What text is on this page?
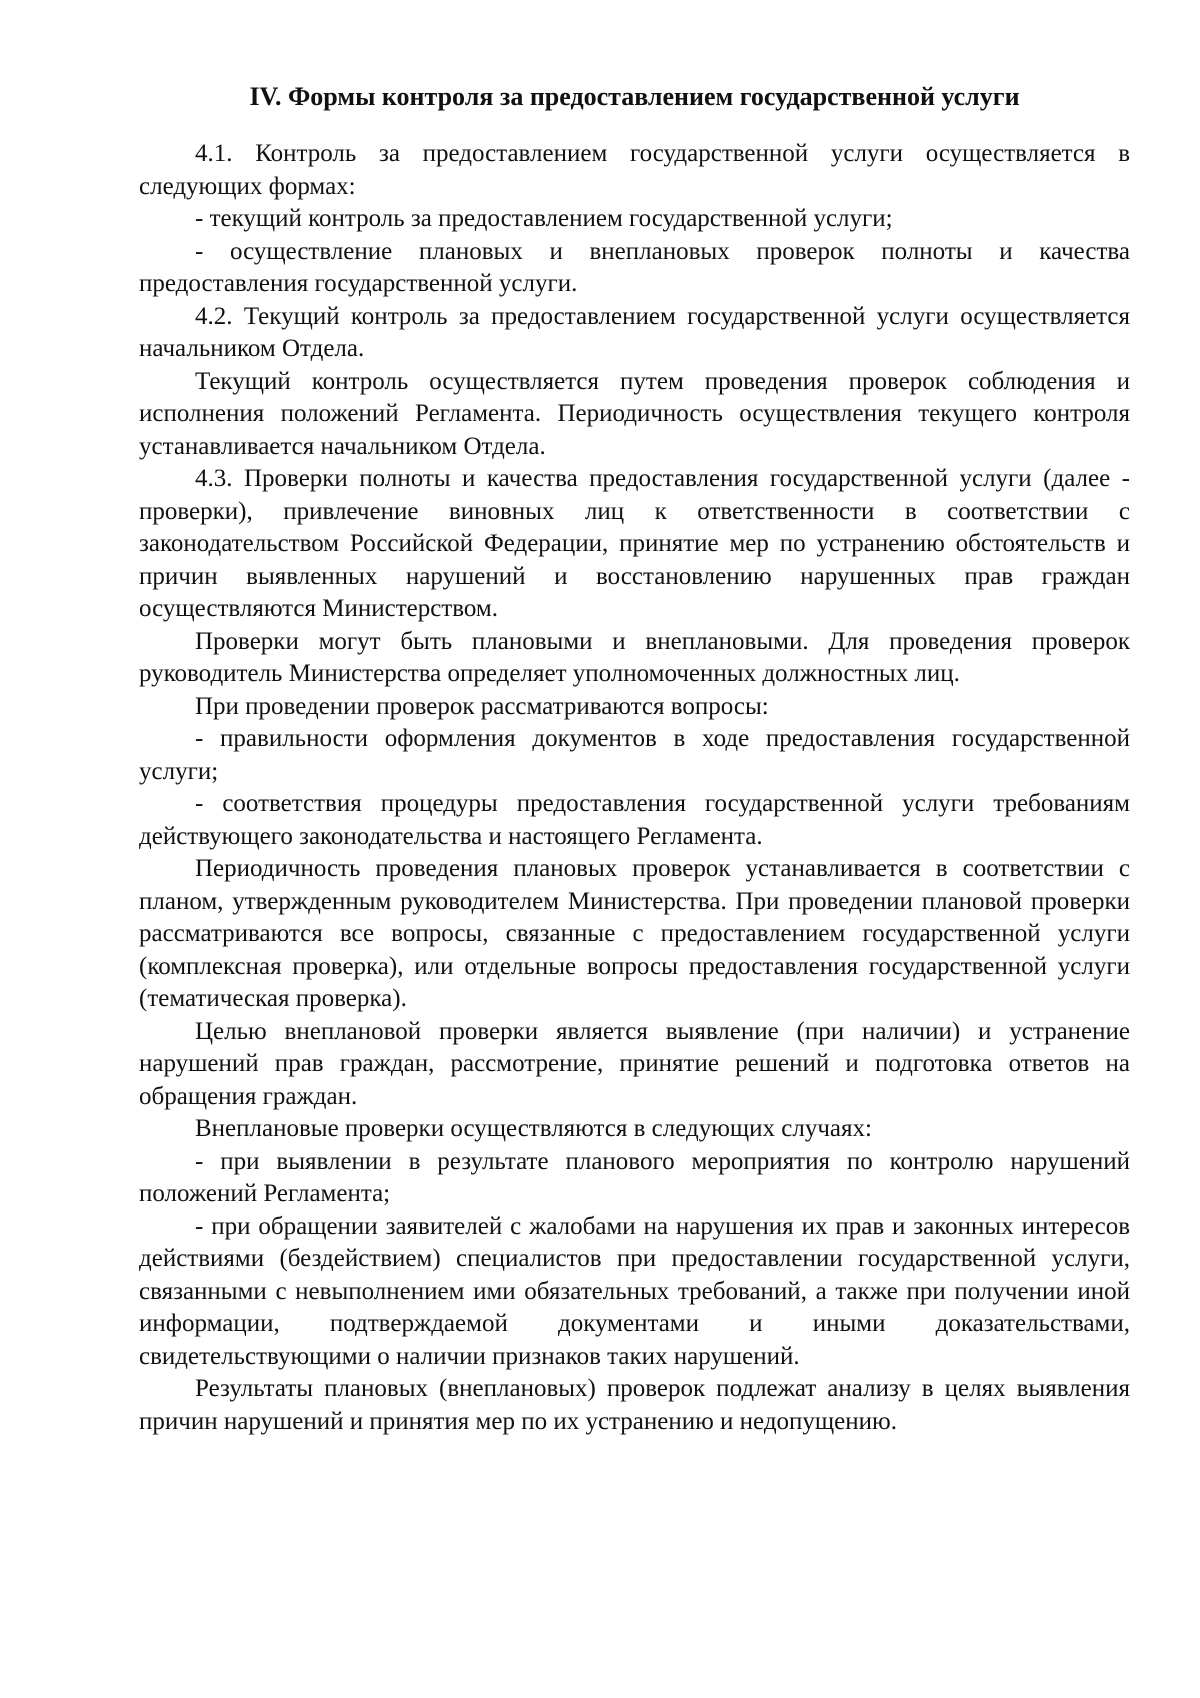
IV. Формы контроля за предоставлением государственной услуги

4.1. Контроль за предоставлением государственной услуги осуществляется в следующих формах:

- текущий контроль за предоставлением государственной услуги;

- осуществление плановых и внеплановых проверок полноты и качества предоставления государственной услуги.

4.2. Текущий контроль за предоставлением государственной услуги осуществляется начальником Отдела.

Текущий контроль осуществляется путем проведения проверок соблюдения и исполнения положений Регламента. Периодичность осуществления текущего контроля устанавливается начальником Отдела.

4.3. Проверки полноты и качества предоставления государственной услуги (далее - проверки), привлечение виновных лиц к ответственности в соответствии с законодательством Российской Федерации, принятие мер по устранению обстоятельств и причин выявленных нарушений и восстановлению нарушенных прав граждан осуществляются Министерством.

Проверки могут быть плановыми и внеплановыми. Для проведения проверок руководитель Министерства определяет уполномоченных должностных лиц.

При проведении проверок рассматриваются вопросы:

- правильности оформления документов в ходе предоставления государственной услуги;

- соответствия процедуры предоставления государственной услуги требованиям действующего законодательства и настоящего Регламента.

Периодичность проведения плановых проверок устанавливается в соответствии с планом, утвержденным руководителем Министерства. При проведении плановой проверки рассматриваются все вопросы, связанные с предоставлением государственной услуги (комплексная проверка), или отдельные вопросы предоставления государственной услуги (тематическая проверка).

Целью внеплановой проверки является выявление (при наличии) и устранение нарушений прав граждан, рассмотрение, принятие решений и подготовка ответов на обращения граждан.

Внеплановые проверки осуществляются в следующих случаях:

- при выявлении в результате планового мероприятия по контролю нарушений положений Регламента;

- при обращении заявителей с жалобами на нарушения их прав и законных интересов действиями (бездействием) специалистов при предоставлении государственной услуги, связанными с невыполнением ими обязательных требований, а также при получении иной информации, подтверждаемой документами и иными доказательствами, свидетельствующими о наличии признаков таких нарушений.

Результаты плановых (внеплановых) проверок подлежат анализу в целях выявления причин нарушений и принятия мер по их устранению и недопущению.
